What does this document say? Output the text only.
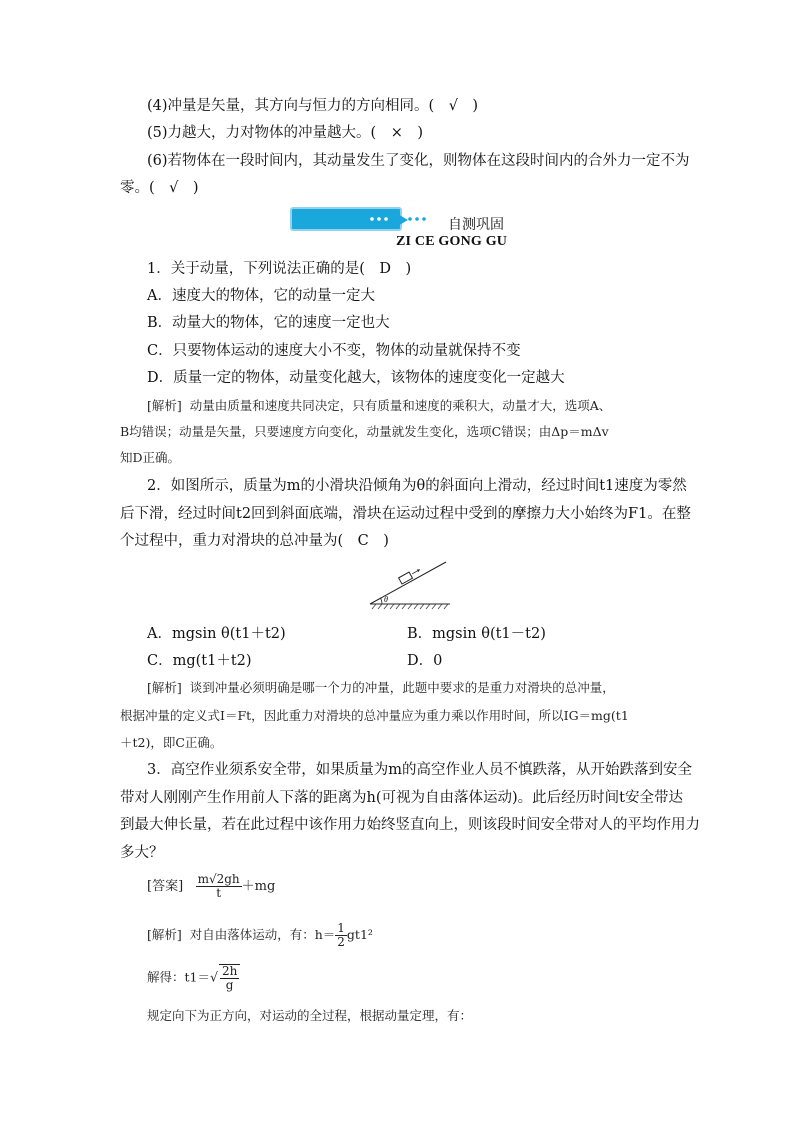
(4)冲量是矢量，其方向与恒力的方向相同。(　√　)
(5)力越大，力对物体的冲量越大。(　×　)
(6)若物体在一段时间内，其动量发生了变化，则物体在这段时间内的合外力一定不为
零。(　√　)
自测巩固
ZI CE GONG GU
1．关于动量，下列说法正确的是(　D　)
A．速度大的物体，它的动量一定大
B．动量大的物体，它的速度一定也大
C．只要物体运动的速度大小不变，物体的动量就保持不变
D．质量一定的物体，动量变化越大，该物体的速度变化一定越大
[解析] 动量由质量和速度共同决定，只有质量和速度的乘积大，动量才大，选项A、
B均错误；动量是矢量，只要速度方向变化，动量就发生变化，选项C错误；由Δp＝mΔv
知D正确。
2．如图所示，质量为m的小滑块沿倾角为θ的斜面向上滑动，经过时间t1速度为零然
后下滑，经过时间t2回到斜面底端，滑块在运动过程中受到的摩擦力大小始终为F1。在整
个过程中，重力对滑块的总冲量为(　C　)
θ
A．mgsin θ(t1＋t2)	B．mgsin θ(t1－t2)
C．mg(t1＋t2)	D．0
[解析] 谈到冲量必须明确是哪一个力的冲量，此题中要求的是重力对滑块的总冲量，
根据冲量的定义式I＝Ft，因此重力对滑块的总冲量应为重力乘以作用时间，所以IG＝mg(t1
＋t2)，即C正确。
3．高空作业须系安全带，如果质量为m的高空作业人员不慎跌落，从开始跌落到安全
带对人刚刚产生作用前人下落的距离为h(可视为自由落体运动)。此后经历时间t安全带达
到最大伸长量，若在此过程中该作用力始终竖直向上，则该段时间安全带对人的平均作用力
多大？
[答案] $\frac{m√2gh}{t} +mg$
[解析] 对自由落体运动，有：$h= \frac{1}{2} gt1^2$
解得：$t1=√ \frac{2h}{g}$
规定向下为正方向，对运动的全过程，根据动量定理，有：
